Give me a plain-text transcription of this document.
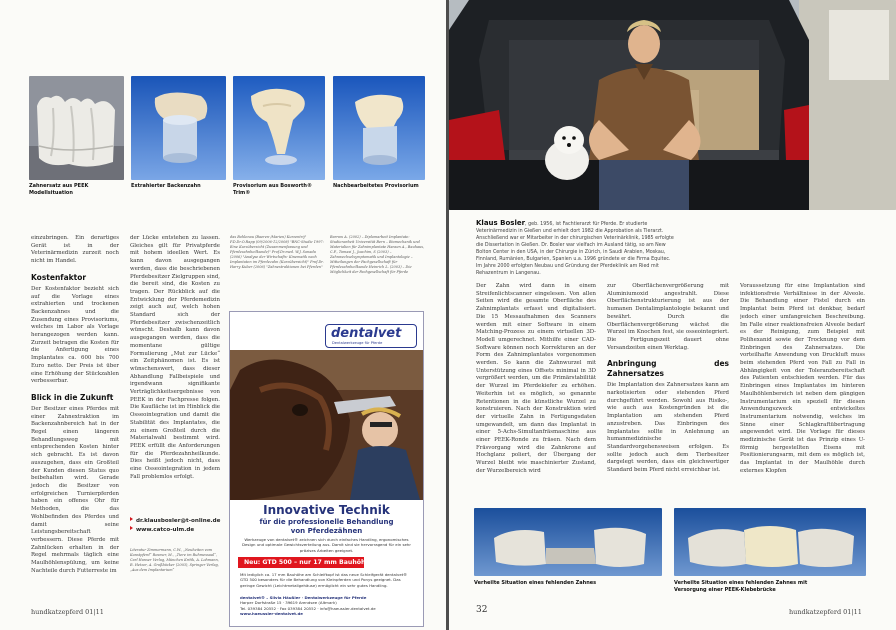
Zahnersatz aus PEEK Modellsituation
Extrahierter Backenzahn	Provisorium aus Bosworth® Trim®
Nachbearbeitetes Provisorium

einzubringen. Ein derartiges Gerät ist in der Veterinärmedizin zurzeit noch nicht im Handel.

Kostenfaktor

Der Kostenfaktor bezieht sich auf die Vorlage eines extrahierten und trockenen Backenzahnes und die Zusendung eines Provisoriums, welches im Labor als Vorlage herangezogen werden kann. Zurzeit betragen die Kosten für die Anfertigung eines Implantates ca. 600 bis 700 Euro netto. Der Preis ist über eine Erhöhung der Stückzahlen verbesserbar.

Blick in die Zukunft

Der Besitzer eines Pferdes mit einer Zahnextraktion im Backenzahnbereich hat in der Regel einen längeren Behandlungsweg mit entsprechenden Kosten hinter sich gebracht. Es ist davon auszugehen, dass ein Großteil der Kunden diesen Status quo beibehalten wird. Gerade jedoch die Besitzer von erfolgreichen Turnierpferden haben ein offenes Ohr für Methoden, die das Wohlbefinden des Pferdes und damit seine Leistungsbereitschaft verbessern. Diese Pferde mit Zahnlücken erhalten in der Regel mehrmals täglich eine Maulhöhlenspülung, um keine Nachteile durch Futterreste im

der Lücke entstehen zu lassen. Gleiches gilt für Privatpferde mit hohem ideellen Wert. Es kann davon ausgegangen werden, dass die beschriebenen Pferdebesitzer Zielgruppen sind, die bereit sind, die Kosten zu tragen. Der Rückblick auf die Entwicklung der Pferdemedizin zeigt auch auf, welch hohen Standard sich der Pferdebesitzer zwischenzeitlich wünscht. Deshalb kann davon ausgegangen werden, dass die momentane gültige Formulierung „Mut zur Lücke“ ein Zeitphänomen ist. Es ist wünschenswert, dass dieser Abhandlung Fallbeispiele und irgendwann signifikante Verträglichkeitsergebnisse von PEEK in der Fachpresse folgen. Die Kaufläche ist im Hinblick die Osseointegration und damit die Stabilität des Implantates, die zu einem Großteil durch die Materialwahl bestimmt wird. PEEK erfüllt die Anforderungen für die Pferdezahnheilkunde. Dies heißt jedoch nicht, dass eine Osseointegration in jedem Fall problemlos erfolgt.

dr.klausbosler@t-online.de
www.catco-ulm.de
das Bohlenau (Baeren-/Marien) Kurzentrij" P.D.Dr.O.Rapp (09/2006-12/2008) "BNC-Studie 1997: Eine Kurzübersicht (Zusammenfassung und Pferdezahnheilkunde)" Prof.Dr.med. W.J. Sonada (2006) "Analyse der Wirtschafts- Kinematik nach Implantaten im Pferdezahn (Kurzübersicht)" Prof.Dr. Harry Kuber (2006) "Zahnextraktionen bei Pferden"
Barrow A. (2002) – Diplomarbeit Implantate: Studienarbeit Universität Bern – Biomechanik und Materialien für Zahnimplantate Hansen A., Bauhaus, C.F., Tomasi J., Joachim, S (2003) – Zahnwechselsymptomatik und Implantologie – Mitteilungen der Fachgesellschaft für Pferdezahnheilkunde Heinrich L. (2003) – Die Möglichkeit der Fachgesellschaft für Pferde
Literatur Zimmermann, C.W., „Neuheiten vom Kunstpferd“ Rosmer, M., „Tiere im Ruhmessaal“, Carl Hanser Verlag, München Kritik, A. Lohmann, R. Hetzer, A. Großbäcker (2003), Springer Verlag, „Aus dem Implantarium“
dentalvet
Dentalwerkzeuge für Pferde
Innovative Technik
für die professionelle Behandlung
von Pferdezähnen
Werkzeuge von dentalvet® zeichnen sich durch einfaches Handling, ergonomisches Design und optimale Gewichtsverteilung aus. Damit sind sie hervorragend für ein sehr präzises Arbeiten geeignet.
Neu: GTD 500 – nur 17 mm Bauhöhe
Mit lediglich ca. 17 mm Bauhöhe am Schleifkopf ist das neue Schleifgerät dentalvet® GTD 500 besonders für die Behandlung von Kleinpferden und Ponys geeignet. Das geringe Gewicht (Leichtmetallgehäuse) ermöglicht ein sehr gutes Handling.
dentalvet® – Silvia Häußler · Dentalwerkzeuge für Pferde
Harper Dorfstraße 15 · 39619 Arendsee (Altmark)
Tel. 039384 20552 · Fax 039384 20552 · info@haeussler-dentalvet.de
www.haeussler-dentalvet.de
hundkatzepferd 01|11
Klaus Bosler, geb. 1956, ist Fachtierarzt für Pferde. Er studierte Veterinärmedizin in Gießen und erhielt dort 1982 die Approbation als Tierarzt. Anschließend war er Mitarbeiter in der chirurgischen Veterinärklinik, 1985 erfolgte die Dissertation in Gießen. Dr. Bosler war vielfach im Ausland tätig, so am New Bolton Center in den USA, in der Chirurgie in Zürich, in Saudi Arabien, Moskau, Finnland, Rumänien, Bulgarien, Spanien u.a. 1996 gründete er die Firma Equitec. Im Jahre 2000 erfolgten Neubau und Gründung der Pferdeklinik am Ried mit Rehazentrum in Langenau.

Der Zahn wird dann in einem Streifenlichtscanner eingelesen. Von allen Seiten wird die gesamte Oberfläche des Zahnimplantats erfasst und digitalisiert. Die 15 Messaufnahmen des Scanners werden mit einer Software in einem Matching-Prozess zu einem virtuellen 3D-Modell umgerechnet. Mithilfe einer CAD-Software können noch Korrekturen an der Form des Zahnimplantates vorgenommen werden. So kann die Zahnwurzel mit Unterstützung eines Offsets minimal in 3D vergrößert werden, um die Primärstabilität der Wurzel im Pferdekiefer zu erhöhen. Weiterhin ist es möglich, so genannte Retentionen in die künstliche Wurzel zu konstruieren. Nach der Konstruktion wird der virtuelle Zahn in Fertigungsdaten umgewandelt, um dann das Implantat in einer 5-Achs-Simultanfräsmaschine aus einer PEEK-Ronde zu fräsen. Nach dem Fräsvorgang wird die Zahnkrone auf Hochglanz poliert, der Übergang der Wurzel bleibt wie maschinierter Zustand, der Wurzelbereich wird

zur Oberflächenvergrößerung mit Aluminiumoxid angestrahlt. Diese Oberflächenstrukturierung ist aus der humanen Dentalimplantologie bekannt und bewährt. Durch die Oberflächenvergrößerung wächst die Wurzel im Knochen fest, sie osseointegriert. Die Fertigungszeit dauert ohne Versandzeiten einen Werktag.

Anbringung des Zahnersatzes

Die Implantation des Zahnersatzes kann am narkotisierten oder stehenden Pferd durchgeführt werden. Sowohl aus Risiko-, wie auch aus Kostengründen ist die Implantation am stehenden Pferd anzustreben. Das Einbringen des Implantates sollte in Anlehnung an humanmedizinische Standardvorgehensweisen erfolgen. Es sollte jedoch auch dem Tierbesitzer dargelegt werden, dass ein gleichwertiger Standard beim Pferd nicht erreichbar ist.

Voraussetzung für eine Implantation sind infektionsfreie Verhältnisse in der Alveole. Die Behandlung einer Fistel durch ein Implantat beim Pferd ist denkbar, bedarf jedoch einer umfangreichen Beschreibung. Im Falle einer reaktionsfreien Alveole bedarf es der Reinigung, zum Beispiel mit Polihexanid sowie der Trocknung vor dem Einbringen des Zahnersatzes. Die vorteilhafte Anwendung von Druckluft muss beim stehenden Pferd von Fall zu Fall in Abhängigkeit von der Toleranzbereitschaft des Patienten entschieden werden. Für das Einbringen eines Implantates im hinteren Maulhöhlenbereich ist neben dem gängigen Instrumentarium ein speziell für diesen Anwendungszweck entwickeltes Instrumentarium notwendig, welches im Sinne einer Schlagkraftübertragung angewendet wird. Die Vorlage für dieses medizinische Gerät ist das Prinzip eines U-förmig hergestellten Eisens mit Positionierungsarm, mit dem es möglich ist, das Implantat in der Maulhöhle durch externes Klopfen

Verheilte Situation eines fehlenden Zahnes	Verheilte Situation eines fehlenden Zahnes mit Versorgung einer PEEK-Klebebrücke
32	hundkatzepferd 01|11
